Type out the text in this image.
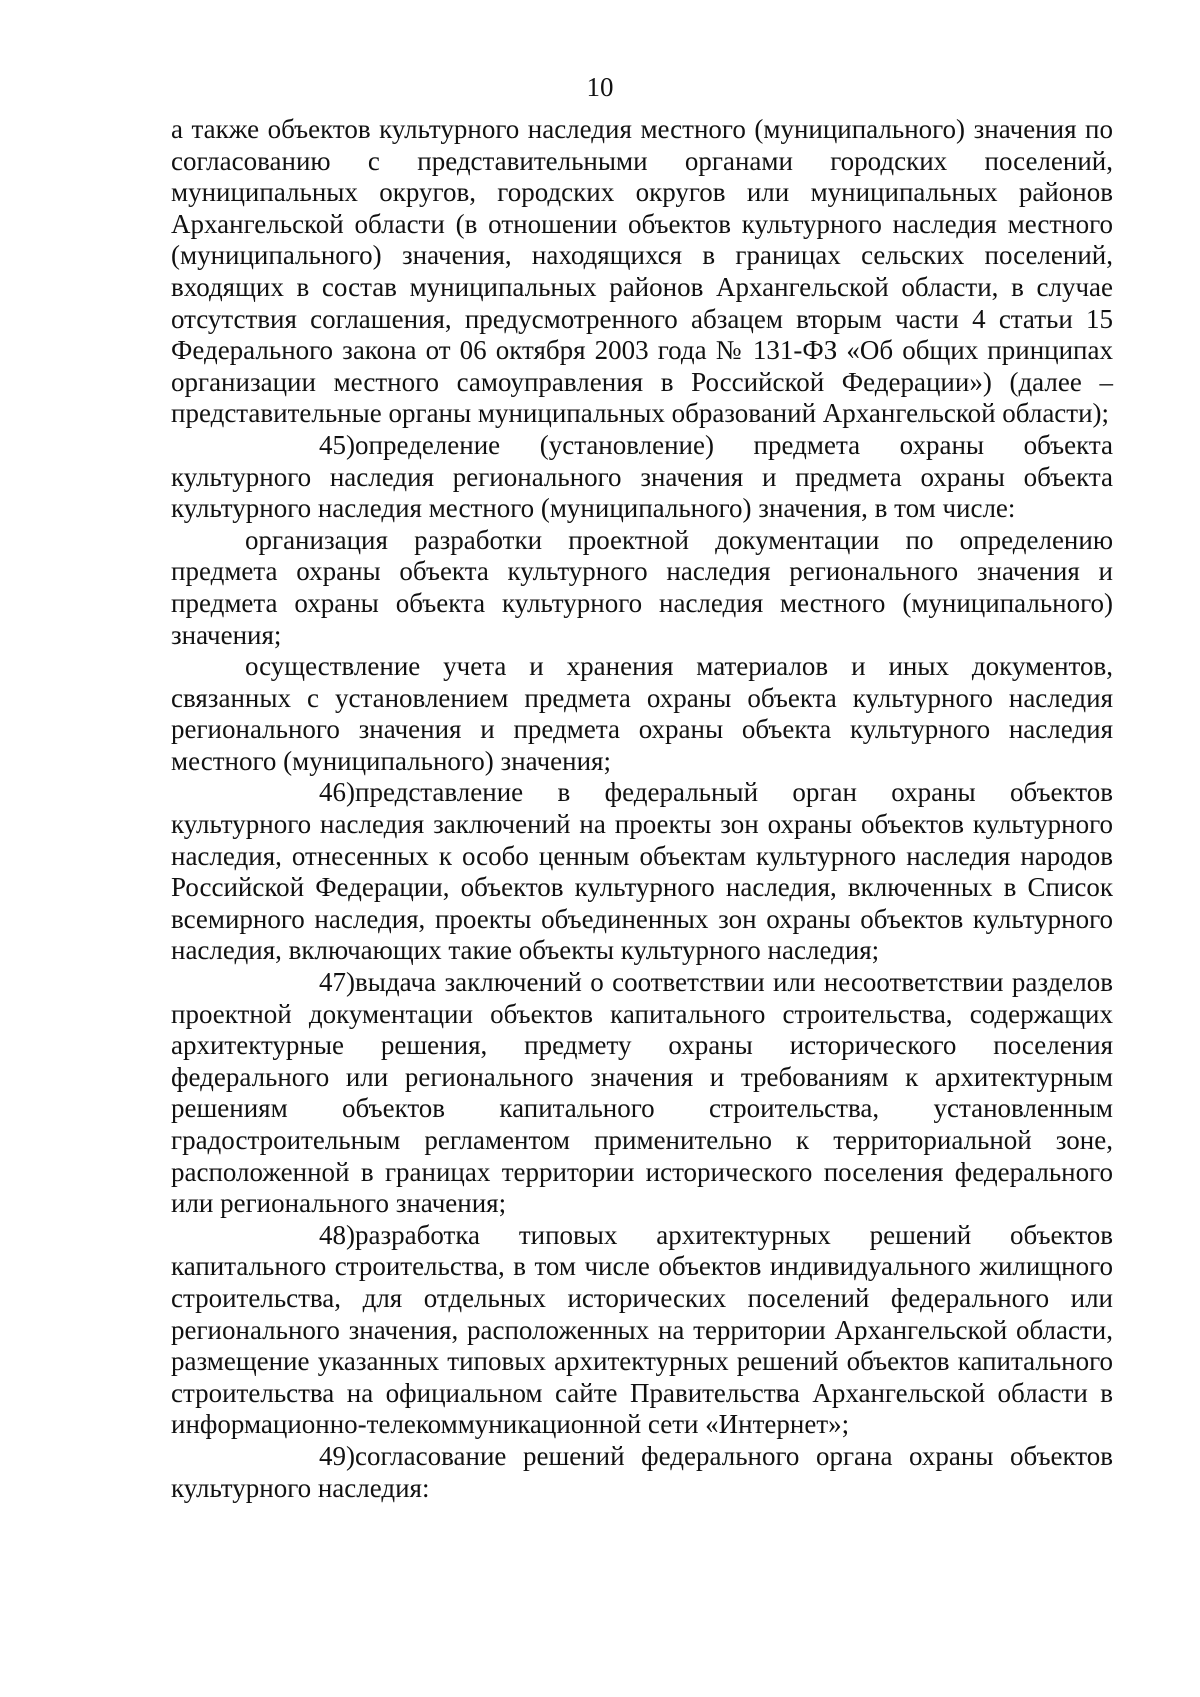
10

а также объектов культурного наследия местного (муниципального) значения по согласованию с представительными органами городских поселений, муниципальных округов, городских округов или муниципальных районов Архангельской области (в отношении объектов культурного наследия местного (муниципального) значения, находящихся в границах сельских поселений, входящих в состав муниципальных районов Архангельской области, в случае отсутствия соглашения, предусмотренного абзацем вторым части 4 статьи 15 Федерального закона от 06 октября 2003 года № 131-ФЗ «Об общих принципах организации местного самоуправления в Российской Федерации») (далее – представительные органы муниципальных образований Архангельской области);

45)определение (установление) предмета охраны объекта культурного наследия регионального значения и предмета охраны объекта культурного наследия местного (муниципального) значения, в том числе:

организация разработки проектной документации по определению предмета охраны объекта культурного наследия регионального значения и предмета охраны объекта культурного наследия местного (муниципального) значения;

осуществление учета и хранения материалов и иных документов, связанных с установлением предмета охраны объекта культурного наследия регионального значения и предмета охраны объекта культурного наследия местного (муниципального) значения;

46)представление в федеральный орган охраны объектов культурного наследия заключений на проекты зон охраны объектов культурного наследия, отнесенных к особо ценным объектам культурного наследия народов Российской Федерации, объектов культурного наследия, включенных в Список всемирного наследия, проекты объединенных зон охраны объектов культурного наследия, включающих такие объекты культурного наследия;

47)выдача заключений о соответствии или несоответствии разделов проектной документации объектов капитального строительства, содержащих архитектурные решения, предмету охраны исторического поселения федерального или регионального значения и требованиям к архитектурным решениям объектов капитального строительства, установленным градостроительным регламентом применительно к территориальной зоне, расположенной в границах территории исторического поселения федерального или регионального значения;

48)разработка типовых архитектурных решений объектов капитального строительства, в том числе объектов индивидуального жилищного строительства, для отдельных исторических поселений федерального или регионального значения, расположенных на территории Архангельской области, размещение указанных типовых архитектурных решений объектов капитального строительства на официальном сайте Правительства Архангельской области в информационно-телекоммуникационной сети «Интернет»;

49)согласование решений федерального органа охраны объектов культурного наследия:
